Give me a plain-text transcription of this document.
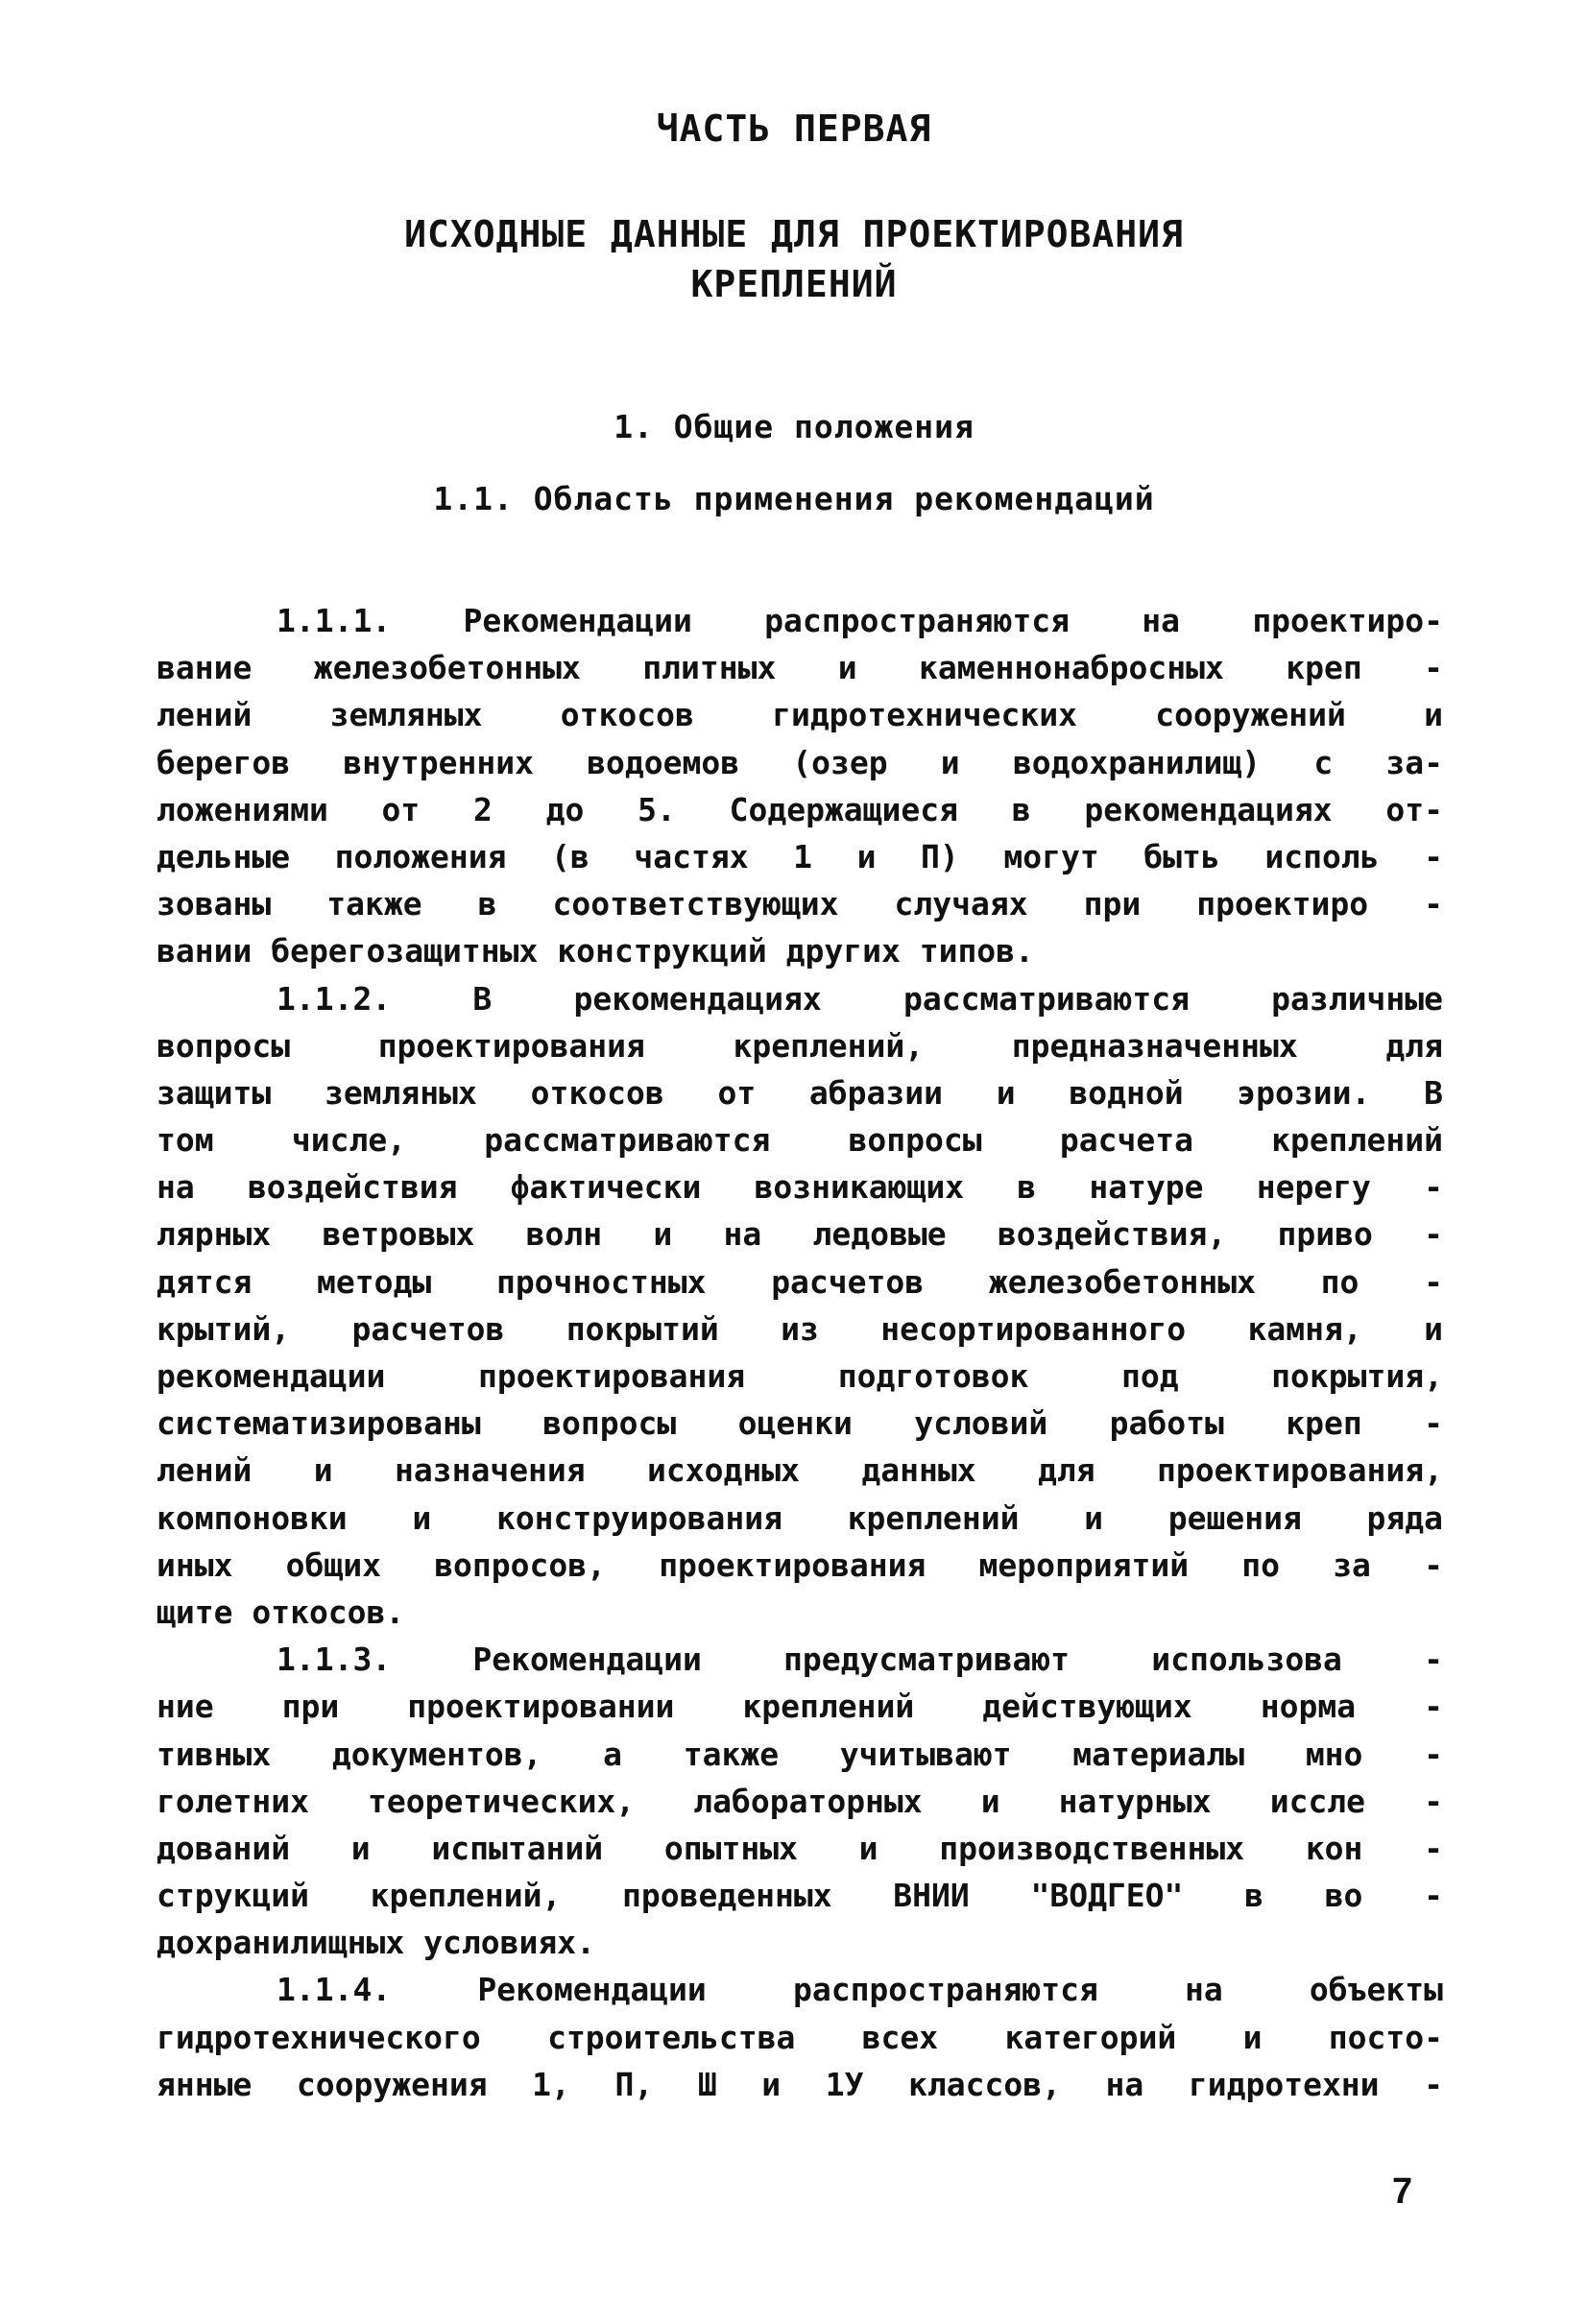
ЧАСТЬ ПЕРВАЯ
ИСХОДНЫЕ ДАННЫЕ ДЛЯ ПРОЕКТИРОВАНИЯ
КРЕПЛЕНИЙ
1. Общие положения
1.1. Область применения рекомендаций
1.1.1. Рекомендации распространяются на проектиро-
вание железобетонных плитных и каменнонабросных креп -
лений земляных откосов гидротехнических сооружений и
берегов внутренних водоемов (озер и водохранилищ) с за-
ложениями от 2 до 5. Содержащиеся в рекомендациях от-
дельные положения (в частях 1 и П) могут быть исполь -
зованы также в соответствующих случаях при проектиро -
вании берегозащитных конструкций других типов.
1.1.2. В рекомендациях рассматриваются различные
вопросы проектирования креплений, предназначенных для
защиты земляных откосов от абразии и водной эрозии. В
том числе, рассматриваются вопросы расчета креплений
на воздействия фактически возникающих в натуре нерегу -
лярных ветровых волн и на ледовые воздействия, приво -
дятся методы прочностных расчетов железобетонных по -
крытий, расчетов покрытий из несортированного камня, и
рекомендации проектирования подготовок под покрытия,
систематизированы вопросы оценки условий работы креп -
лений и назначения исходных данных для проектирования,
компоновки и конструирования креплений и решения ряда
иных общих вопросов, проектирования мероприятий по за -
щите откосов.
1.1.3. Рекомендации предусматривают использова -
ние при проектировании креплений действующих норма -
тивных документов, а также учитывают материалы мно -
голетних теоретических, лабораторных и натурных иссле -
дований и испытаний опытных и производственных кон -
струкций креплений, проведенных ВНИИ "ВОДГЕО" в во -
дохранилищных условиях.
1.1.4. Рекомендации распространяются на объекты
гидротехнического строительства всех категорий и посто-
янные сооружения 1, П, Ш и 1У классов, на гидротехни -
7
